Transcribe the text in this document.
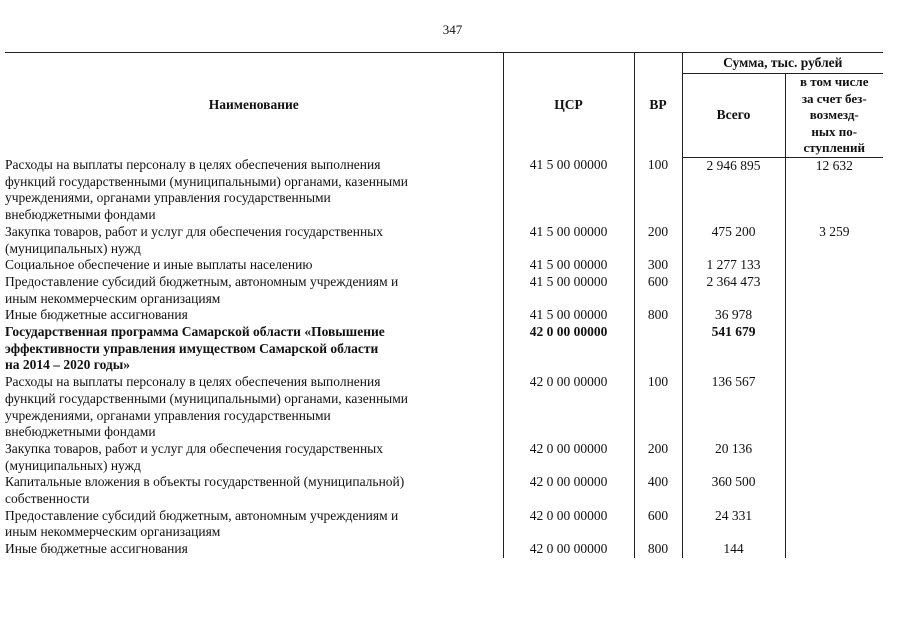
347
Наименование	ЦСР	ВР	Сумма, тыс. рублей	
			Всего	в том числе
за счет без-
возмезд-
ных по-
ступлений
Расходы на выплаты персоналу в целях обеспечения выполнения
функций государственными (муниципальными) органами, казенными
учреждениями, органами управления государственными
внебюджетными фондами	41 5 00 00000	100	2 946 895	12 632
Закупка товаров, работ и услуг для обеспечения государственных
(муниципальных) нужд	41 5 00 00000	200	475 200	3 259
Социальное обеспечение и иные выплаты населению	41 5 00 00000	300	1 277 133	
Предоставление субсидий бюджетным, автономным учреждениям и
иным некоммерческим организациям	41 5 00 00000	600	2 364 473	
Иные бюджетные ассигнования	41 5 00 00000	800	36 978	
Государственная программа Самарской области «Повышение
эффективности управления имуществом Самарской области
на 2014 – 2020 годы»	42 0 00 00000		541 679	
Расходы на выплаты персоналу в целях обеспечения выполнения
функций государственными (муниципальными) органами, казенными
учреждениями, органами управления государственными
внебюджетными фондами	42 0 00 00000	100	136 567	
Закупка товаров, работ и услуг для обеспечения государственных
(муниципальных) нужд	42 0 00 00000	200	20 136	
Капитальные вложения в объекты государственной (муниципальной)
собственности	42 0 00 00000	400	360 500	
Предоставление субсидий бюджетным, автономным учреждениям и
иным некоммерческим организациям	42 0 00 00000	600	24 331	
Иные бюджетные ассигнования	42 0 00 00000	800	144	
